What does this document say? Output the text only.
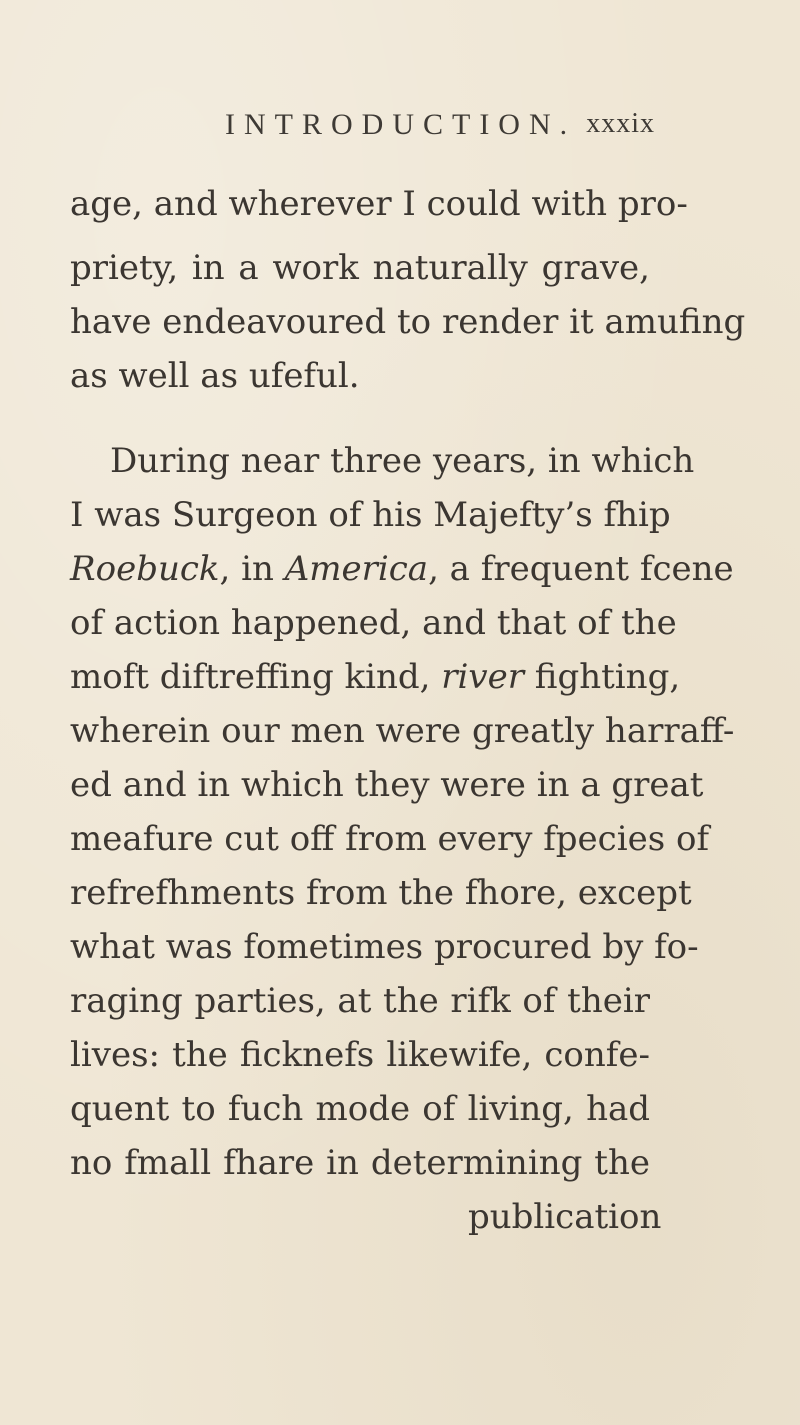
INTRODUCTION. xxxix
age, and wherever I could with pro-
priety, in a work naturally grave,
have endeavoured to render it amufing
as well as ufeful.
During near three years, in which
I was Surgeon of his Majefty’s fhip
Roebuck, in America, a frequent fcene
of action happened, and that of the
moft diftreffing kind, river fighting,
wherein our men were greatly harraff-
ed and in which they were in a great
meafure cut off from every fpecies of
refrefhments from the fhore, except
what was fometimes procured by fo-
raging parties, at the rifk of their
lives: the ficknefs likewife, confe-
quent to fuch mode of living, had
no fmall fhare in determining the
publication
